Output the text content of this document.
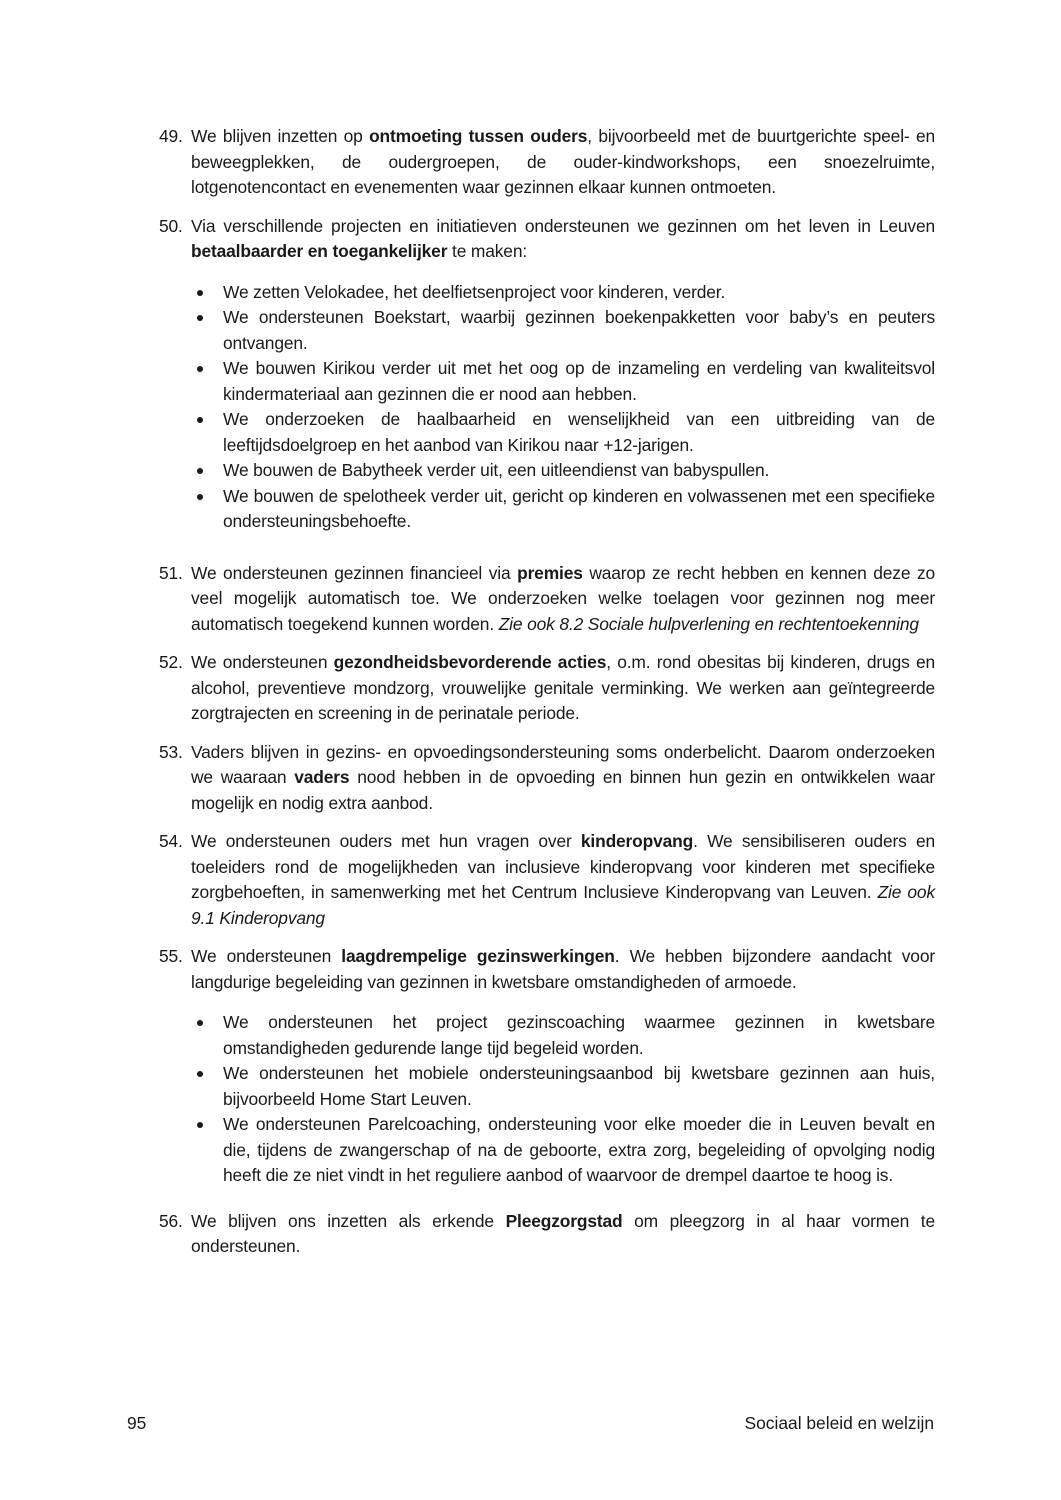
49. We blijven inzetten op ontmoeting tussen ouders, bijvoorbeeld met de buurtgerichte speel- en beweegplekken, de oudergroepen, de ouder-kindworkshops, een snoezelruimte, lotgenotencontact en evenementen waar gezinnen elkaar kunnen ontmoeten.

50. Via verschillende projecten en initiatieven ondersteunen we gezinnen om het leven in Leuven betaalbaarder en toegankelijker te maken:

We zetten Velokadee, het deelfietsenproject voor kinderen, verder.
We ondersteunen Boekstart, waarbij gezinnen boekenpakketten voor baby’s en peuters ontvangen.
We bouwen Kirikou verder uit met het oog op de inzameling en verdeling van kwaliteitsvol kindermateriaal aan gezinnen die er nood aan hebben.
We onderzoeken de haalbaarheid en wenselijkheid van een uitbreiding van de leeftijdsdoelgroep en het aanbod van Kirikou naar +12-jarigen.
We bouwen de Babytheek verder uit, een uitleendienst van babyspullen.
We bouwen de spelotheek verder uit, gericht op kinderen en volwassenen met een specifieke ondersteuningsbehoefte.
51. We ondersteunen gezinnen financieel via premies waarop ze recht hebben en kennen deze zo veel mogelijk automatisch toe. We onderzoeken welke toelagen voor gezinnen nog meer automatisch toegekend kunnen worden. Zie ook 8.2 Sociale hulpverlening en rechtentoekenning

52. We ondersteunen gezondheidsbevorderende acties, o.m. rond obesitas bij kinderen, drugs en alcohol, preventieve mondzorg, vrouwelijke genitale verminking. We werken aan geïntegreerde zorgtrajecten en screening in de perinatale periode.

53. Vaders blijven in gezins- en opvoedingsondersteuning soms onderbelicht. Daarom onderzoeken we waaraan vaders nood hebben in de opvoeding en binnen hun gezin en ontwikkelen waar mogelijk en nodig extra aanbod.

54. We ondersteunen ouders met hun vragen over kinderopvang. We sensibiliseren ouders en toeleiders rond de mogelijkheden van inclusieve kinderopvang voor kinderen met specifieke zorgbehoeften, in samenwerking met het Centrum Inclusieve Kinderopvang van Leuven. Zie ook 9.1 Kinderopvang

55. We ondersteunen laagdrempelige gezinswerkingen. We hebben bijzondere aandacht voor langdurige begeleiding van gezinnen in kwetsbare omstandigheden of armoede.

We ondersteunen het project gezinscoaching waarmee gezinnen in kwetsbare omstandigheden gedurende lange tijd begeleid worden.
We ondersteunen het mobiele ondersteuningsaanbod bij kwetsbare gezinnen aan huis, bijvoorbeeld Home Start Leuven.
We ondersteunen Parelcoaching, ondersteuning voor elke moeder die in Leuven bevalt en die, tijdens de zwangerschap of na de geboorte, extra zorg, begeleiding of opvolging nodig heeft die ze niet vindt in het reguliere aanbod of waarvoor de drempel daartoe te hoog is.
56. We blijven ons inzetten als erkende Pleegzorgstad om pleegzorg in al haar vormen te ondersteunen.

95	Sociaal beleid en welzijn
